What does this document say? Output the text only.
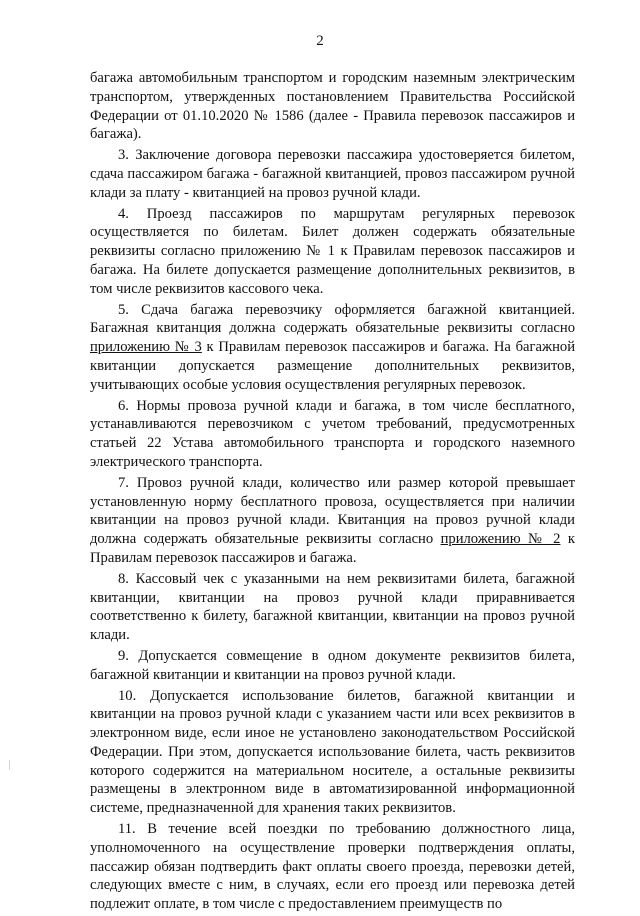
2

багажа автомобильным транспортом и городским наземным электрическим транспортом, утвержденных постановлением Правительства Российской Федерации от 01.10.2020 № 1586 (далее - Правила перевозок пассажиров и багажа).

3. Заключение договора перевозки пассажира удостоверяется билетом, сдача пассажиром багажа - багажной квитанцией, провоз пассажиром ручной клади за плату - квитанцией на провоз ручной клади.

4. Проезд пассажиров по маршрутам регулярных перевозок осуществляется по билетам. Билет должен содержать обязательные реквизиты согласно приложению № 1 к Правилам перевозок пассажиров и багажа. На билете допускается размещение дополнительных реквизитов, в том числе реквизитов кассового чека.

5. Сдача багажа перевозчику оформляется багажной квитанцией. Багажная квитанция должна содержать обязательные реквизиты согласно приложению № 3 к Правилам перевозок пассажиров и багажа. На багажной квитанции допускается размещение дополнительных реквизитов, учитывающих особые условия осуществления регулярных перевозок.

6. Нормы провоза ручной клади и багажа, в том числе бесплатного, устанавливаются перевозчиком с учетом требований, предусмотренных статьей 22 Устава автомобильного транспорта и городского наземного электрического транспорта.

7. Провоз ручной клади, количество или размер которой превышает установленную норму бесплатного провоза, осуществляется при наличии квитанции на провоз ручной клади. Квитанция на провоз ручной клади должна содержать обязательные реквизиты согласно приложению № 2 к Правилам перевозок пассажиров и багажа.

8. Кассовый чек с указанными на нем реквизитами билета, багажной квитанции, квитанции на провоз ручной клади приравнивается соответственно к билету, багажной квитанции, квитанции на провоз ручной клади.

9. Допускается совмещение в одном документе реквизитов билета, багажной квитанции и квитанции на провоз ручной клади.

10. Допускается использование билетов, багажной квитанции и квитанции на провоз ручной клади с указанием части или всех реквизитов в электронном виде, если иное не установлено законодательством Российской Федерации. При этом, допускается использование билета, часть реквизитов которого содержится на материальном носителе, а остальные реквизиты размещены в электронном виде в автоматизированной информационной системе, предназначенной для хранения таких реквизитов.

11. В течение всей поездки по требованию должностного лица, уполномоченного на осуществление проверки подтверждения оплаты, пассажир обязан подтвердить факт оплаты своего проезда, перевозки детей, следующих вместе с ним, в случаях, если его проезд или перевозка детей подлежит оплате, в том числе с предоставлением преимуществ по
